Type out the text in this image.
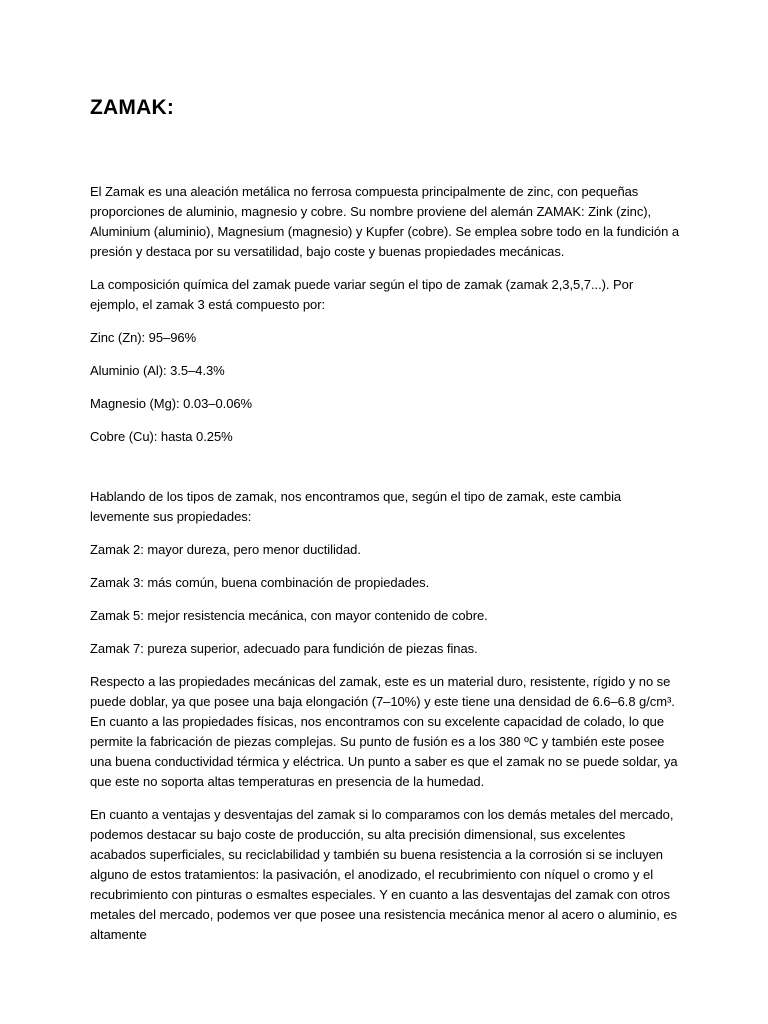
ZAMAK:

El Zamak es una aleación metálica no ferrosa compuesta principalmente de zinc, con pequeñas proporciones de aluminio, magnesio y cobre. Su nombre proviene del alemán ZAMAK: Zink (zinc), Aluminium (aluminio), Magnesium (magnesio) y Kupfer (cobre). Se emplea sobre todo en la fundición a presión y destaca por su versatilidad, bajo coste y buenas propiedades mecánicas.

La composición química del zamak puede variar según el tipo de zamak (zamak 2,3,5,7...). Por ejemplo, el zamak 3 está compuesto por:

Zinc (Zn): 95–96%

Aluminio (Al): 3.5–4.3%

Magnesio (Mg): 0.03–0.06%

Cobre (Cu): hasta 0.25%

Hablando de los tipos de zamak, nos encontramos que, según el tipo de zamak, este cambia levemente sus propiedades:

Zamak 2: mayor dureza, pero menor ductilidad.

Zamak 3: más común, buena combinación de propiedades.

Zamak 5: mejor resistencia mecánica, con mayor contenido de cobre.

Zamak 7: pureza superior, adecuado para fundición de piezas finas.

Respecto a las propiedades mecánicas del zamak, este es un material duro, resistente, rígido y no se puede doblar, ya que posee una baja elongación (7–10%) y este tiene una densidad de 6.6–6.8 g/cm³. En cuanto a las propiedades físicas, nos encontramos con su excelente capacidad de colado, lo que permite la fabricación de piezas complejas. Su punto de fusión es a los 380 ºC y también este posee una buena conductividad térmica y eléctrica. Un punto a saber es que el zamak no se puede soldar, ya que este no soporta altas temperaturas en presencia de la humedad.

En cuanto a ventajas y desventajas del zamak si lo comparamos con los demás metales del mercado, podemos destacar su bajo coste de producción, su alta precisión dimensional, sus excelentes acabados superficiales, su reciclabilidad y también su buena resistencia a la corrosión si se incluyen alguno de estos tratamientos: la pasivación, el anodizado, el recubrimiento con níquel o cromo y el recubrimiento con pinturas o esmaltes especiales. Y en cuanto a las desventajas del zamak con otros metales del mercado, podemos ver que posee una resistencia mecánica menor al acero o aluminio, es altamente
